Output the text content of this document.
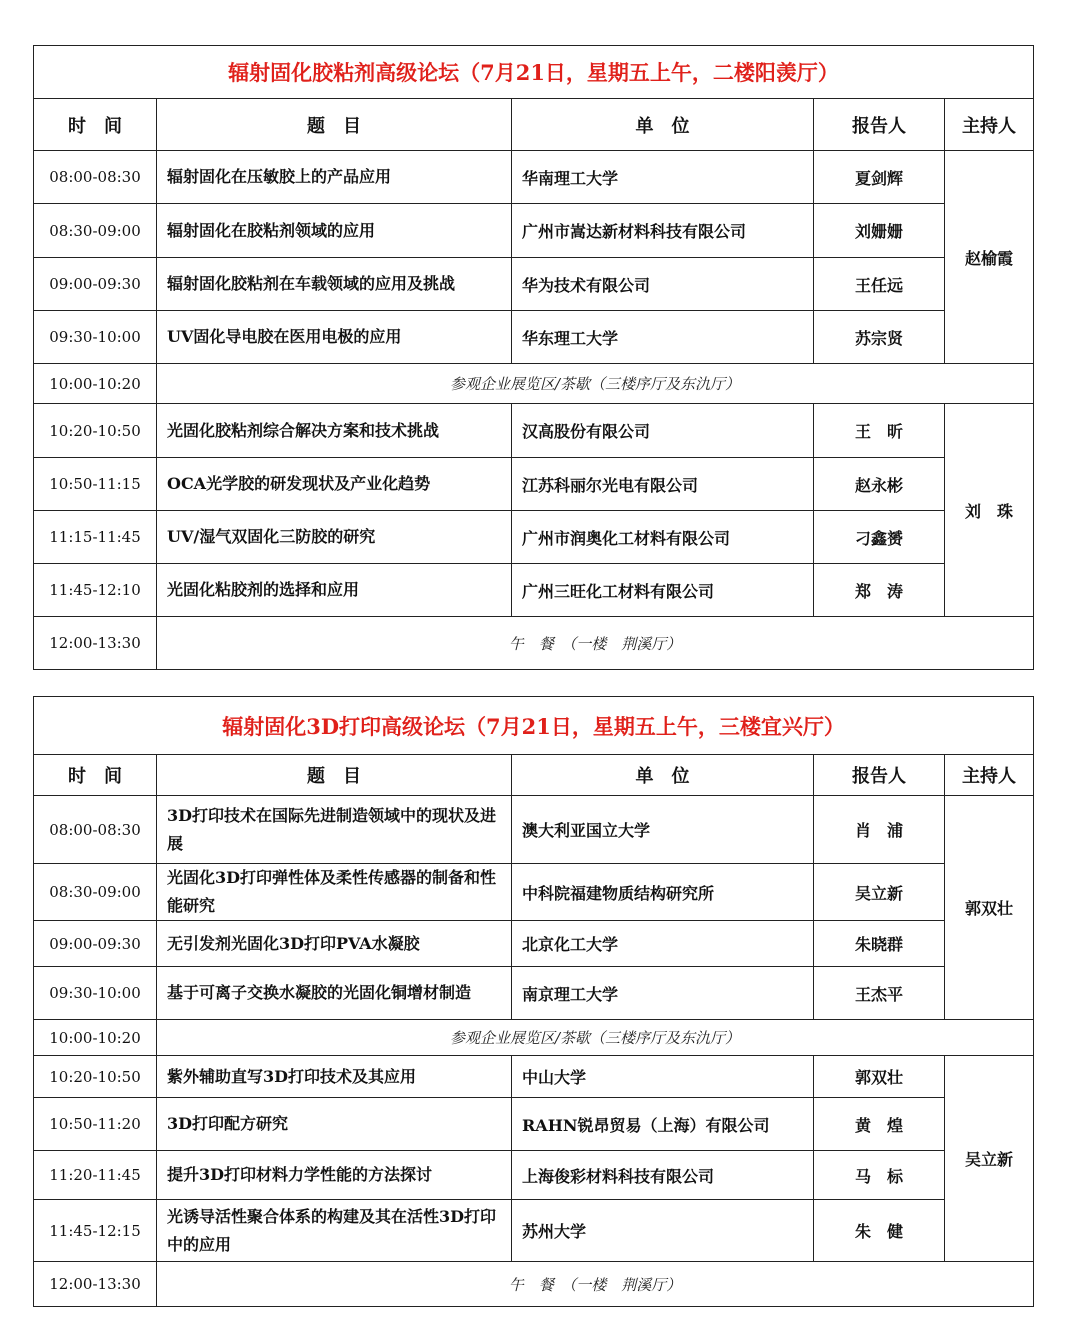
辐射固化胶粘剂高级论坛（7月21日，星期五上午，二楼阳羡厅）				
时　间	题　目	单　位	报告人	主持人
08:00-08:30	辐射固化在压敏胶上的产品应用	华南理工大学	夏剑辉	赵榆霞
08:30-09:00	辐射固化在胶粘剂领域的应用	广州市嵩达新材料科技有限公司	刘姗姗	
09:00-09:30	辐射固化胶粘剂在车载领域的应用及挑战	华为技术有限公司	王任远	
09:30-10:00	UV固化导电胶在医用电极的应用	华东理工大学	苏宗贤	
10:00-10:20	参观企业展览区/茶歇（三楼序厅及东氿厅）			
10:20-10:50	光固化胶粘剂综合解决方案和技术挑战	汉高股份有限公司	王　昕	刘　珠
10:50-11:15	OCA光学胶的研发现状及产业化趋势	江苏科丽尔光电有限公司	赵永彬	
11:15-11:45	UV/湿气双固化三防胶的研究	广州市润奥化工材料有限公司	刁鑫赟	
11:45-12:10	光固化粘胶剂的选择和应用	广州三旺化工材料有限公司	郑　涛	
12:00-13:30	午　餐　（一楼　荆溪厅）			
辐射固化3D打印高级论坛（7月21日，星期五上午，三楼宜兴厅）				
时　间	题　目	单　位	报告人	主持人
08:00-08:30	3D打印技术在国际先进制造领域中的现状及进展	澳大利亚国立大学	肖　浦	郭双壮
08:30-09:00	光固化3D打印弹性体及柔性传感器的制备和性能研究	中科院福建物质结构研究所	吴立新	
09:00-09:30	无引发剂光固化3D打印PVA水凝胶	北京化工大学	朱晓群	
09:30-10:00	基于可离子交换水凝胶的光固化铜增材制造	南京理工大学	王杰平	
10:00-10:20	参观企业展览区/茶歇（三楼序厅及东氿厅）			
10:20-10:50	紫外辅助直写3D打印技术及其应用	中山大学	郭双壮	吴立新
10:50-11:20	3D打印配方研究	RAHN锐昂贸易（上海）有限公司	黄　煌	
11:20-11:45	提升3D打印材料力学性能的方法探讨	上海俊彩材料科技有限公司	马　标	
11:45-12:15	光诱导活性聚合体系的构建及其在活性3D打印中的应用	苏州大学	朱　健	
12:00-13:30	午　餐　（一楼　荆溪厅）			
